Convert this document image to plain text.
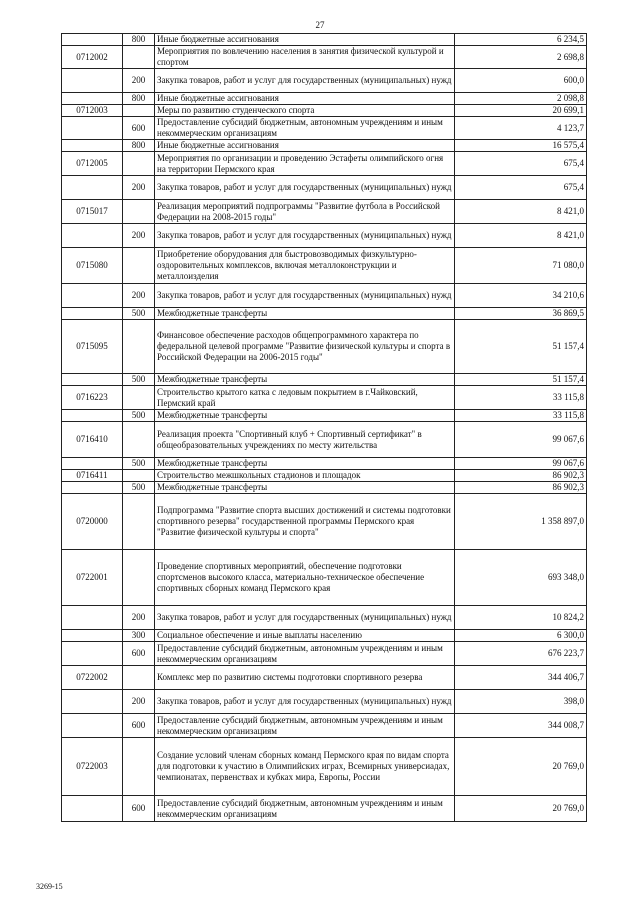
27
	800	Иные бюджетные ассигнования	6 234,5
0712002		Мероприятия по вовлечению населения в занятия физической культурой и спортом	2 698,8
	200	Закупка товаров, работ и услуг для государственных (муниципальных) нужд	600,0
	800	Иные бюджетные ассигнования	2 098,8
0712003		Меры по развитию студенческого спорта	20 699,1
	600	Предоставление субсидий бюджетным, автономным учреждениям и иным некоммерческим организациям	4 123,7
	800	Иные бюджетные ассигнования	16 575,4
0712005		Мероприятия по организации и проведению Эстафеты олимпийского огня на территории Пермского края	675,4
	200	Закупка товаров, работ и услуг для государственных (муниципальных) нужд	675,4
0715017		Реализация мероприятий подпрограммы "Развитие футбола в Российской Федерации на 2008-2015 годы"	8 421,0
	200	Закупка товаров, работ и услуг для государственных (муниципальных) нужд	8 421,0
0715080		Приобретение оборудования для быстровозводимых физкультурно-оздоровительных комплексов, включая металлоконструкции и металлоизделия	71 080,0
	200	Закупка товаров, работ и услуг для государственных (муниципальных) нужд	34 210,6
	500	Межбюджетные трансферты	36 869,5
0715095		Финансовое обеспечение расходов общепрограммного характера по федеральной целевой программе "Развитие физической культуры и спорта в Российской Федерации на 2006-2015 годы"	51 157,4
	500	Межбюджетные трансферты	51 157,4
0716223		Строительство крытого катка с ледовым покрытием в г.Чайковский, Пермский край	33 115,8
	500	Межбюджетные трансферты	33 115,8
0716410		Реализация проекта "Спортивный клуб + Спортивный сертификат" в общеобразовательных учреждениях по месту жительства	99 067,6
	500	Межбюджетные трансферты	99 067,6
0716411		Строительство межшкольных стадионов и площадок	86 902,3
	500	Межбюджетные трансферты	86 902,3
0720000		Подпрограмма "Развитие спорта высших достижений и системы подготовки спортивного резерва" государственной программы Пермского края "Развитие физической культуры и спорта"	1 358 897,0
0722001		Проведение спортивных мероприятий, обеспечение подготовки спортсменов высокого класса, материально-техническое обеспечение спортивных сборных команд Пермского края	693 348,0
	200	Закупка товаров, работ и услуг для государственных (муниципальных) нужд	10 824,2
	300	Социальное обеспечение и иные выплаты населению	6 300,0
	600	Предоставление субсидий бюджетным, автономным учреждениям и иным некоммерческим организациям	676 223,7
0722002		Комплекс мер по развитию системы подготовки спортивного резерва	344 406,7
	200	Закупка товаров, работ и услуг для государственных (муниципальных) нужд	398,0
	600	Предоставление субсидий бюджетным, автономным учреждениям и иным некоммерческим организациям	344 008,7
0722003		Создание условий членам сборных команд Пермского края по видам спорта для подготовки к участию в Олимпийских играх, Всемирных универсиадах, чемпионатах, первенствах и кубках мира, Европы, России	20 769,0
	600	Предоставление субсидий бюджетным, автономным учреждениям и иным некоммерческим организациям	20 769,0
3269-15
